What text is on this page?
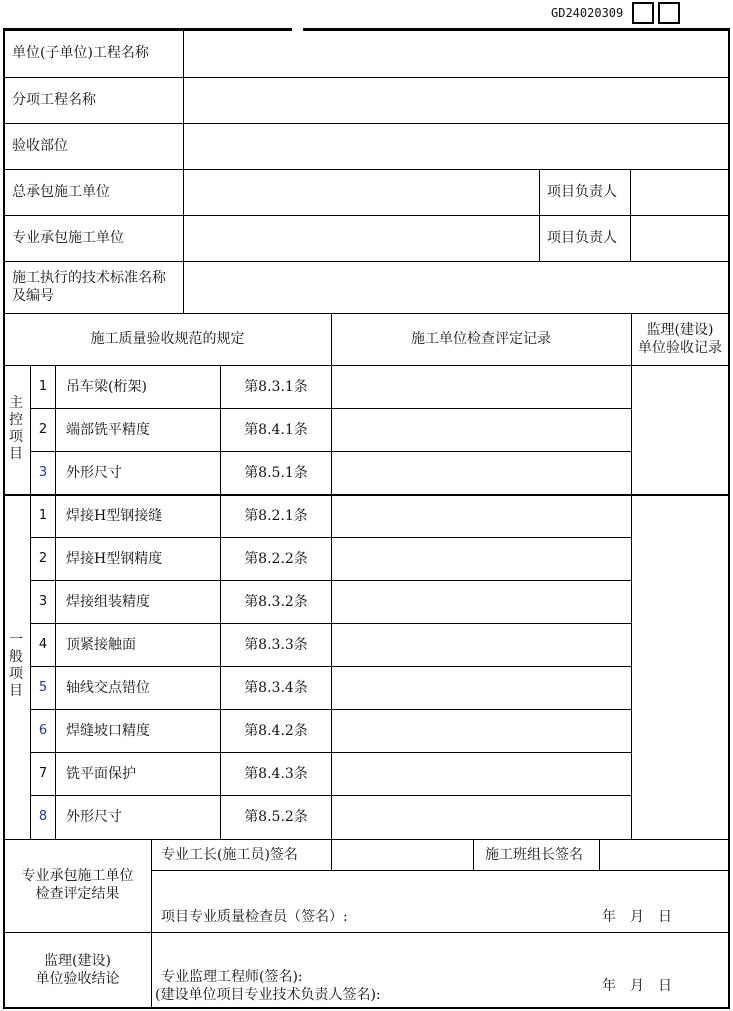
GD24020309
单位(子单位)工程名称
分项工程名称
验收部位
总承包施工单位	项目负责人
专业承包施工单位	项目负责人
施工执行的技术标准名称
及编号
施工质量验收规范的规定	施工单位检查评定记录
监理(建设)
单位验收记录
主控项目
1	吊车梁(桁架)	第8.3.1条
2	端部铣平精度	第8.4.1条
3	外形尺寸	第8.5.1条
一般项目
1	焊接H型钢接缝	第8.2.1条
2	焊接H型钢精度	第8.2.2条
3	焊接组装精度	第8.3.2条
4	顶紧接触面	第8.3.3条
5	轴线交点错位	第8.3.4条
6	焊缝坡口精度	第8.4.2条
7	铣平面保护	第8.4.3条
8	外形尺寸	第8.5.2条
专业承包施工单位
检查评定结果
专业工长(施工员)签名	施工班组长签名
项目专业质量检查员（签名）:	年　月　日
监理(建设)
单位验收结论	专业监理工程师(签名):
(建设单位项目专业技术负责人签名):
年　月　日
